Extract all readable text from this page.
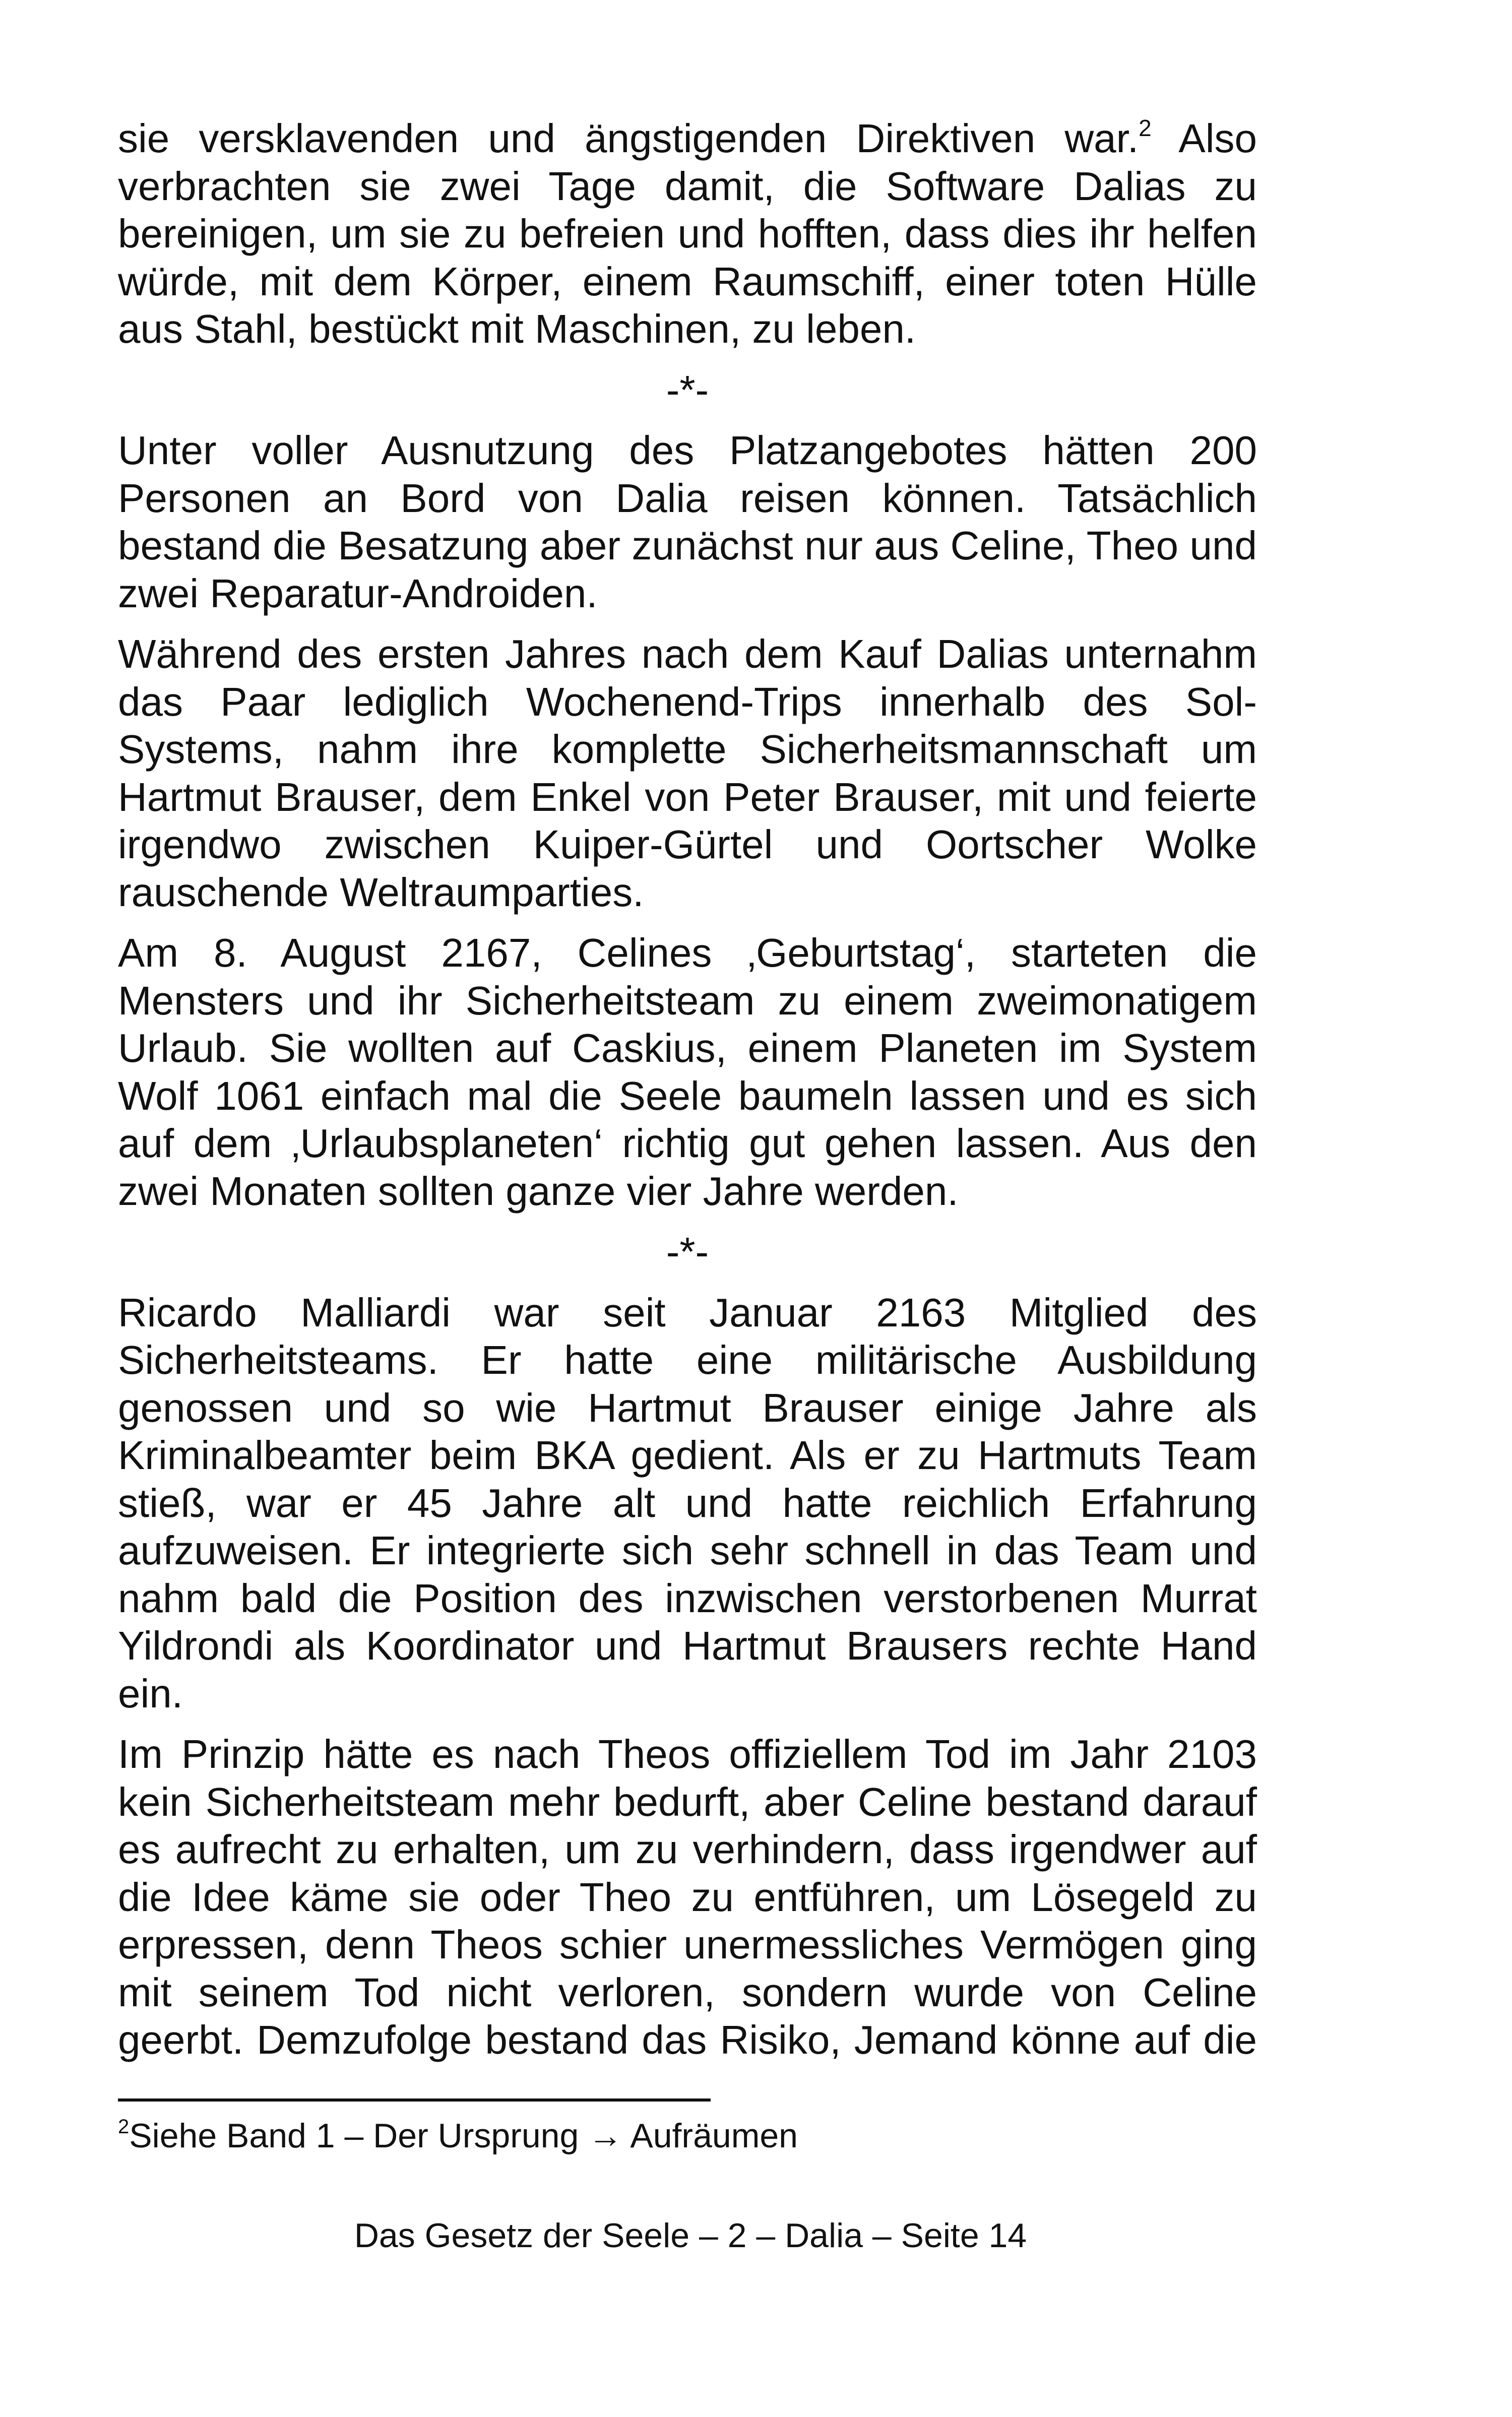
sie versklavenden und ängstigenden Direktiven war.$^2$ Also verbrachten sie zwei Tage damit, die Software Dalias zu bereinigen, um sie zu befreien und hofften, dass dies ihr helfen würde, mit dem Körper, einem Raumschiff, einer toten Hülle aus Stahl, bestückt mit Maschinen, zu leben.

-*-

Unter voller Ausnutzung des Platzangebotes hätten 200 Personen an Bord von Dalia reisen können. Tatsächlich bestand die Besatzung aber zunächst nur aus Celine, Theo und zwei Reparatur-Androiden.

Während des ersten Jahres nach dem Kauf Dalias unternahm das Paar lediglich Wochenend-Trips innerhalb des Sol-Systems, nahm ihre komplette Sicherheitsmannschaft um Hartmut Brauser, dem Enkel von Peter Brauser, mit und feierte irgendwo zwischen Kuiper-Gürtel und Oortscher Wolke rauschende Weltraumparties.

Am 8. August 2167, Celines ‚Geburtstag‘, starteten die Mensters und ihr Sicherheitsteam zu einem zweimonatigem Urlaub. Sie wollten auf Caskius, einem Planeten im System Wolf 1061 einfach mal die Seele baumeln lassen und es sich auf dem ‚Urlaubsplaneten‘ richtig gut gehen lassen. Aus den zwei Monaten sollten ganze vier Jahre werden.

-*-

Ricardo Malliardi war seit Januar 2163 Mitglied des Sicherheitsteams. Er hatte eine militärische Ausbildung genossen und so wie Hartmut Brauser einige Jahre als Kriminalbeamter beim BKA gedient. Als er zu Hartmuts Team stieß, war er 45 Jahre alt und hatte reichlich Erfahrung aufzuweisen. Er integrierte sich sehr schnell in das Team und nahm bald die Position des inzwischen verstorbenen Murrat Yildrondi als Koordinator und Hartmut Brausers rechte Hand ein.

Im Prinzip hätte es nach Theos offiziellem Tod im Jahr 2103 kein Sicherheitsteam mehr bedurft, aber Celine bestand darauf es aufrecht zu erhalten, um zu verhindern, dass irgendwer auf die Idee käme sie oder Theo zu entführen, um Lösegeld zu erpressen, denn Theos schier unermessliches Vermögen ging mit seinem Tod nicht verloren, sondern wurde von Celine geerbt. Demzufolge bestand das Risiko, Jemand könne auf die

$^2$Siehe Band 1 – Der Ursprung → Aufräumen
Das Gesetz der Seele – 2 – Dalia – Seite 14
